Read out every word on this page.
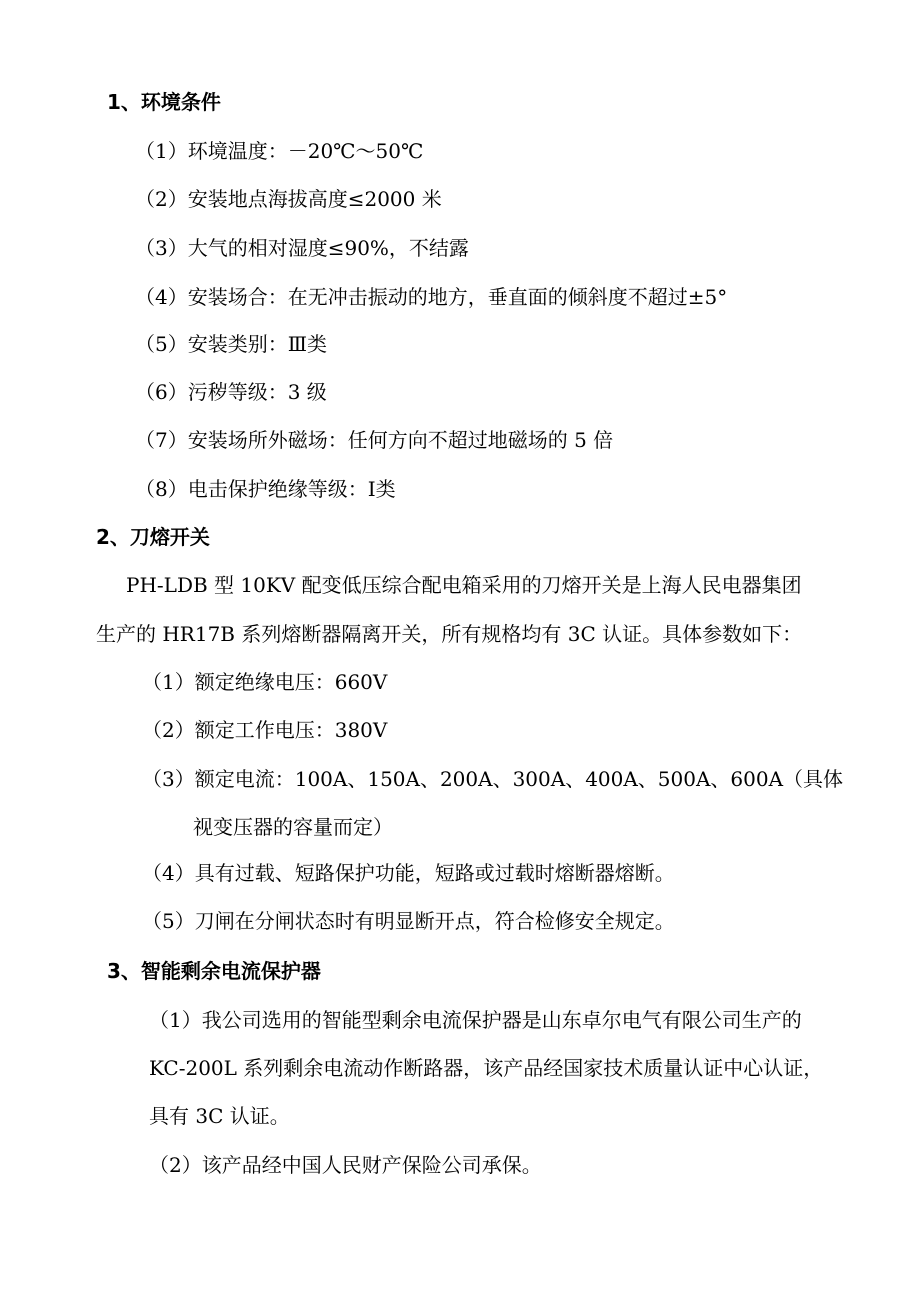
1、环境条件
（1）环境温度：－20℃～50℃
（2）安装地点海拔高度≤2000 米
（3）大气的相对湿度≤90%，不结露
（4）安装场合：在无冲击振动的地方，垂直面的倾斜度不超过±5°
（5）安装类别：Ⅲ类
（6）污秽等级：3 级
（7）安装场所外磁场：任何方向不超过地磁场的 5 倍
（8）电击保护绝缘等级：Ⅰ类
2、刀熔开关
PH-LDB 型 10KV 配变低压综合配电箱采用的刀熔开关是上海人民电器集团
生产的 HR17B 系列熔断器隔离开关，所有规格均有 3C 认证。具体参数如下：
（1）额定绝缘电压：660V
（2）额定工作电压：380V
（3）额定电流：100A、150A、200A、300A、400A、500A、600A（具体
视变压器的容量而定）
（4）具有过载、短路保护功能，短路或过载时熔断器熔断。
（5）刀闸在分闸状态时有明显断开点，符合检修安全规定。
3、智能剩余电流保护器
（1）我公司选用的智能型剩余电流保护器是山东卓尔电气有限公司生产的
KC-200L 系列剩余电流动作断路器，该产品经国家技术质量认证中心认证，
具有 3C 认证。
（2）该产品经中国人民财产保险公司承保。
